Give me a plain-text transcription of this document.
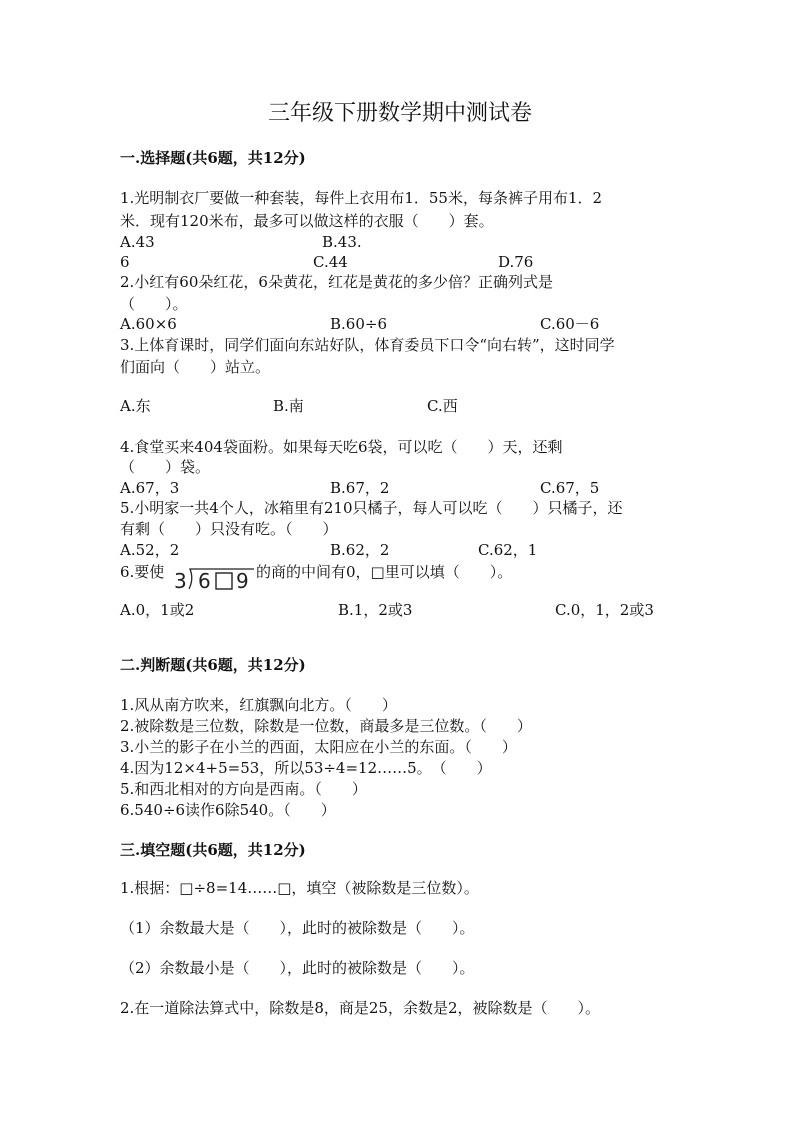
三年级下册数学期中测试卷
一.选择题(共6题，共12分)
1.光明制衣厂要做一种套装，每件上衣用布1．55米，每条裤子用布1．2
米．现有120米布，最多可以做这样的衣服（　　）套。
A.43	B.43.
6	C.44	D.76
2.小红有60朵红花，6朵黄花，红花是黄花的多少倍？正确列式是
（　　）。
A.60×6	B.60÷6	C.60－6
3.上体育课时，同学们面向东站好队，体育委员下口令“向右转”，这时同学
们面向（　　）站立。
A.东	B.南	C.西
4.食堂买来404袋面粉。如果每天吃6袋，可以吃（　　）天，还剩
（　　）袋。
A.67，3	B.67，2	C.67，5
5.小明家一共4个人，冰箱里有210只橘子，每人可以吃（　　）只橘子，还
有剩（　　）只没有吃。（　　）
A.52，2	B.62，2	C.62，1
6.要使 3 6 9 的商的中间有0，□里可以填（　　）。
A.0，1或2	B.1，2或3	C.0，1，2或3
二.判断题(共6题，共12分)
1.风从南方吹来，红旗飘向北方。（　　）
2.被除数是三位数，除数是一位数，商最多是三位数。（　　）
3.小兰的影子在小兰的西面，太阳应在小兰的东面。（　　）
4.因为12×4+5=53，所以53÷4=12……5。　（　　）
5.和西北相对的方向是西南。（　　）
6.540÷6读作6除540。（　　）
三.填空题(共6题，共12分)
1.根据：□÷8=14……□，填空（被除数是三位数）。
（1）余数最大是（　　），此时的被除数是（　　）。
（2）余数最小是（　　），此时的被除数是（　　）。
2.在一道除法算式中，除数是8，商是25，余数是2，被除数是（　　）。
